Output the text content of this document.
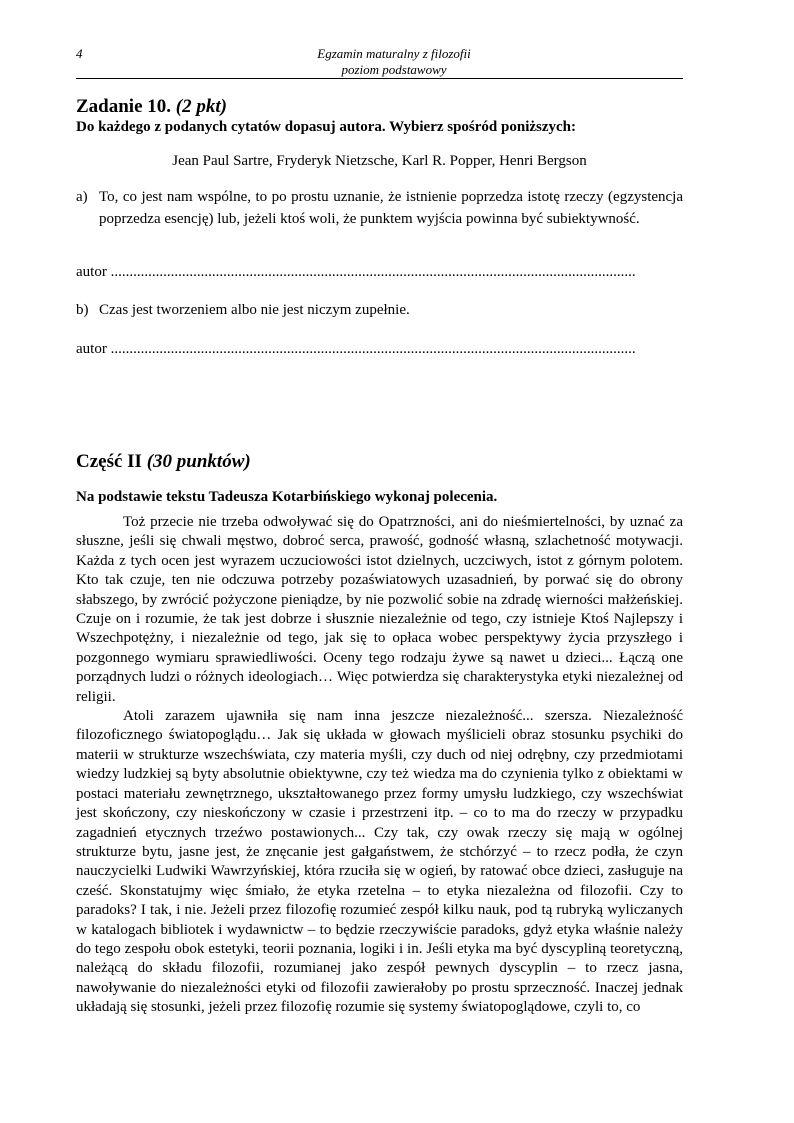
4	Egzamin maturalny z filozofii
poziom podstawowy
Zadanie 10. (2 pkt)
Do każdego z podanych cytatów dopasuj autora. Wybierz spośród poniższych:
Jean Paul Sartre, Fryderyk Nietzsche, Karl R. Popper, Henri Bergson
a) To, co jest nam wspólne, to po prostu uznanie, że istnienie poprzedza istotę rzeczy (egzystencja poprzedza esencję) lub, jeżeli ktoś woli, że punktem wyjścia powinna być subiektywność.
autor ............................................................................................................................................
b) Czas jest tworzeniem albo nie jest niczym zupełnie.
autor ............................................................................................................................................
Część II (30 punktów)
Na podstawie tekstu Tadeusza Kotarbińskiego wykonaj polecenia.

Toż przecie nie trzeba odwoływać się do Opatrzności, ani do nieśmiertelności, by uznać za słuszne, jeśli się chwali męstwo, dobroć serca, prawość, godność własną, szlachetność motywacji. Każda z tych ocen jest wyrazem uczuciowości istot dzielnych, uczciwych, istot z górnym polotem. Kto tak czuje, ten nie odczuwa potrzeby pozaświatowych uzasadnień, by porwać się do obrony słabszego, by zwrócić pożyczone pieniądze, by nie pozwolić sobie na zdradę wierności małżeńskiej. Czuje on i rozumie, że tak jest dobrze i słusznie niezależnie od tego, czy istnieje Ktoś Najlepszy i Wszechpotężny, i niezależnie od tego, jak się to opłaca wobec perspektywy życia przyszłego i pozgonnego wymiaru sprawiedliwości. Oceny tego rodzaju żywe są nawet u dzieci... Łączą one porządnych ludzi o różnych ideologiach… Więc potwierdza się charakterystyka etyki niezależnej od religii.

Atoli zarazem ujawniła się nam inna jeszcze niezależność... szersza. Niezależność filozoficznego światopoglądu… Jak się układa w głowach myślicieli obraz stosunku psychiki do materii w strukturze wszechświata, czy materia myśli, czy duch od niej odrębny, czy przedmiotami wiedzy ludzkiej są byty absolutnie obiektywne, czy też wiedza ma do czynienia tylko z obiektami w postaci materiału zewnętrznego, ukształtowanego przez formy umysłu ludzkiego, czy wszechświat jest skończony, czy nieskończony w czasie i przestrzeni itp. – co to ma do rzeczy w przypadku zagadnień etycznych trzeźwo postawionych... Czy tak, czy owak rzeczy się mają w ogólnej strukturze bytu, jasne jest, że znęcanie jest gałgaństwem, że stchórzyć – to rzecz podła, że czyn nauczycielki Ludwiki Wawrzyńskiej, która rzuciła się w ogień, by ratować obce dzieci, zasługuje na cześć. Skonstatujmy więc śmiało, że etyka rzetelna – to etyka niezależna od filozofii. Czy to paradoks? I tak, i nie. Jeżeli przez filozofię rozumieć zespół kilku nauk, pod tą rubryką wyliczanych w katalogach bibliotek i wydawnictw – to będzie rzeczywiście paradoks, gdyż etyka właśnie należy do tego zespołu obok estetyki, teorii poznania, logiki i in. Jeśli etyka ma być dyscypliną teoretyczną, należącą do składu filozofii, rozumianej jako zespół pewnych dyscyplin – to rzecz jasna, nawoływanie do niezależności etyki od filozofii zawierałoby po prostu sprzeczność. Inaczej jednak układają się stosunki, jeżeli przez filozofię rozumie się systemy światopoglądowe, czyli to, co
